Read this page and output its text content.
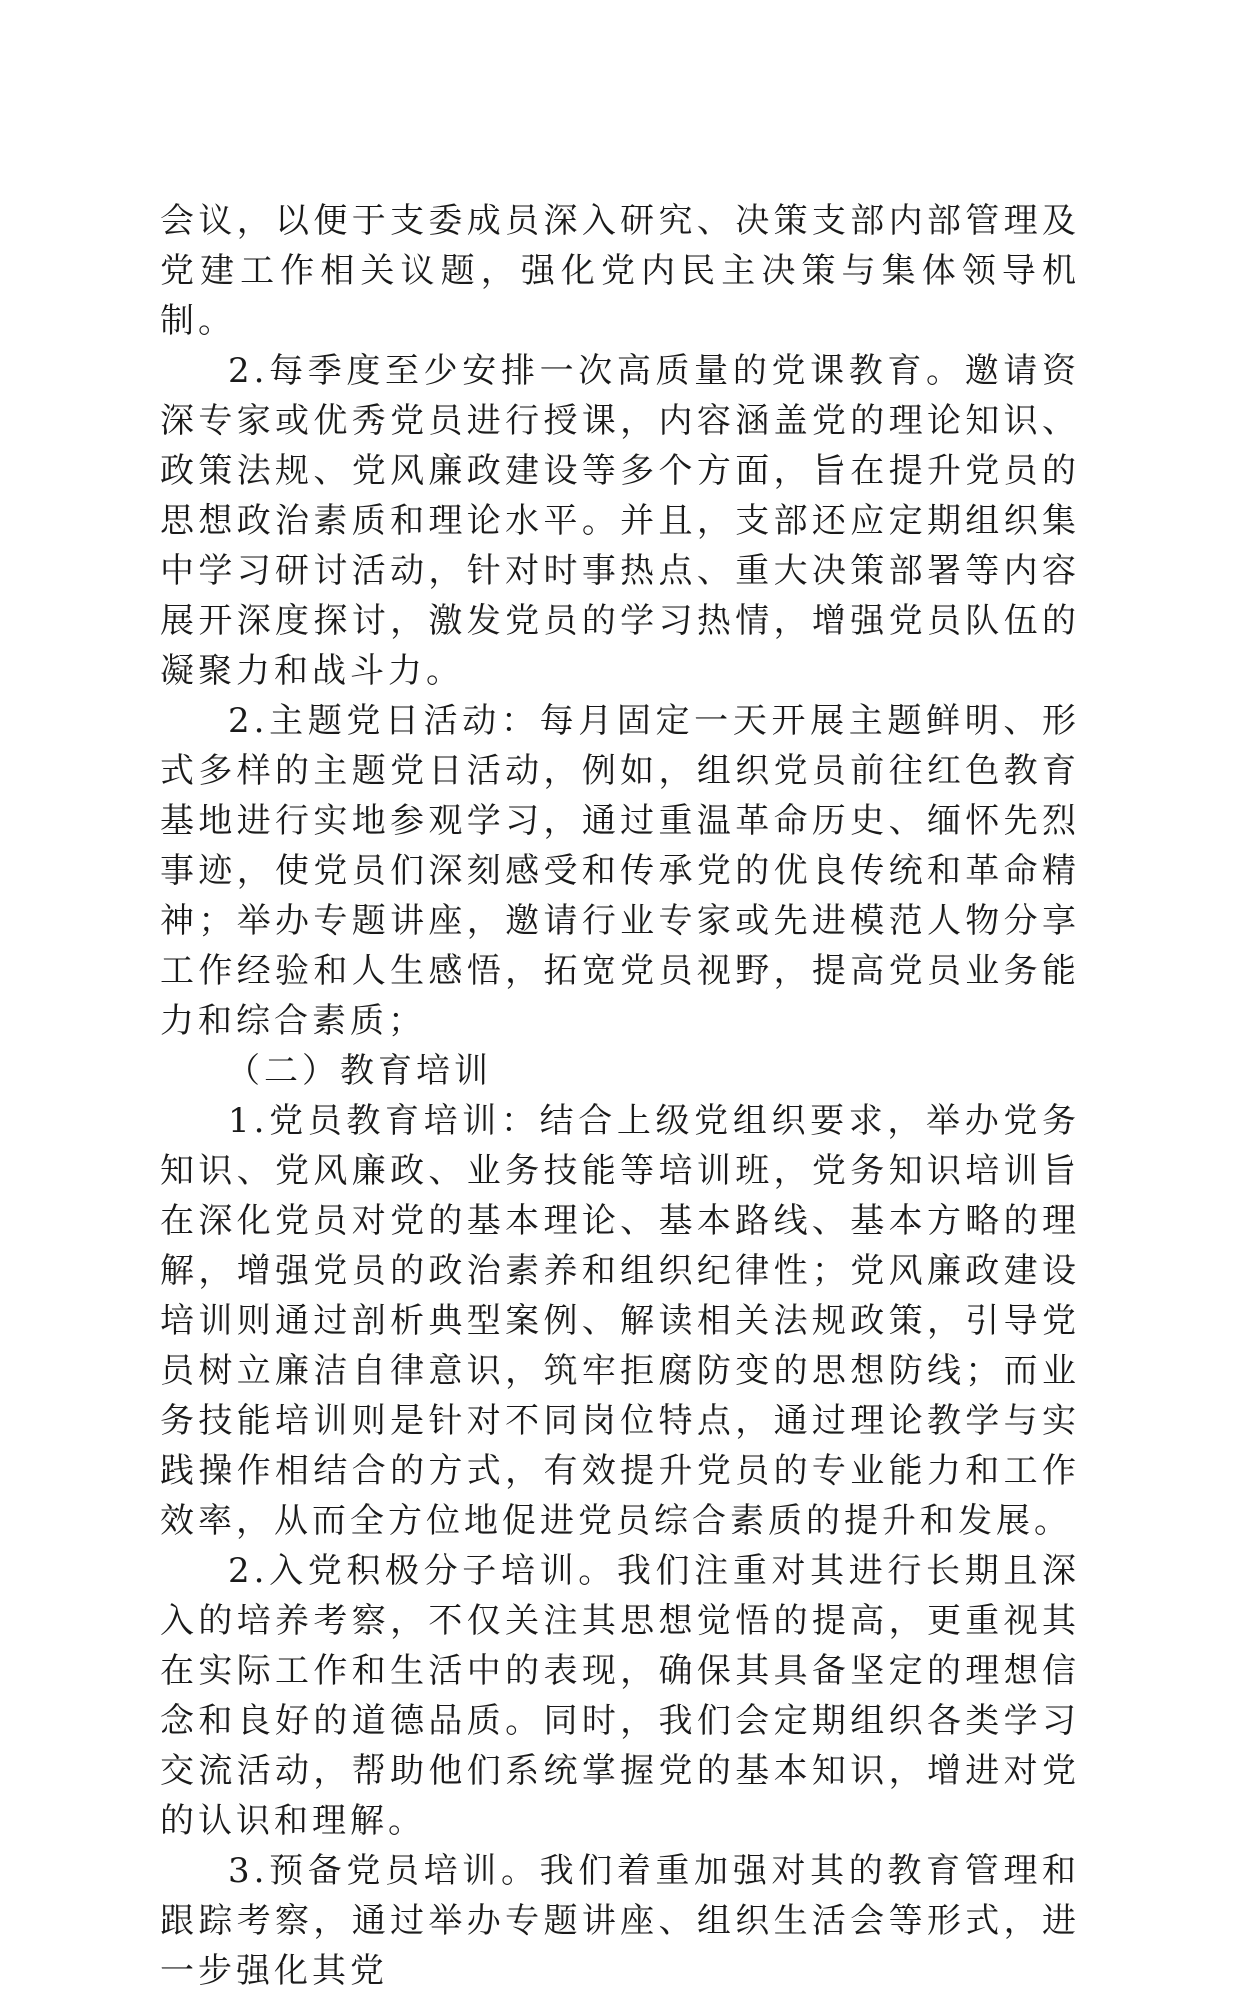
会议，以便于支委成员深入研究、决策支部内部管理及党建工作相关议题，强化党内民主决策与集体领导机制。

2.每季度至少安排一次高质量的党课教育。邀请资深专家或优秀党员进行授课，内容涵盖党的理论知识、政策法规、党风廉政建设等多个方面，旨在提升党员的思想政治素质和理论水平。并且，支部还应定期组织集中学习研讨活动，针对时事热点、重大决策部署等内容展开深度探讨，激发党员的学习热情，增强党员队伍的凝聚力和战斗力。

2.主题党日活动：每月固定一天开展主题鲜明、形式多样的主题党日活动，例如，组织党员前往红色教育基地进行实地参观学习，通过重温革命历史、缅怀先烈事迹，使党员们深刻感受和传承党的优良传统和革命精神；举办专题讲座，邀请行业专家或先进模范人物分享工作经验和人生感悟，拓宽党员视野，提高党员业务能力和综合素质；

（二）教育培训

1.党员教育培训：结合上级党组织要求，举办党务知识、党风廉政、业务技能等培训班，党务知识培训旨在深化党员对党的基本理论、基本路线、基本方略的理解，增强党员的政治素养和组织纪律性；党风廉政建设培训则通过剖析典型案例、解读相关法规政策，引导党员树立廉洁自律意识，筑牢拒腐防变的思想防线；而业务技能培训则是针对不同岗位特点，通过理论教学与实践操作相结合的方式，有效提升党员的专业能力和工作效率，从而全方位地促进党员综合素质的提升和发展。

2.入党积极分子培训。我们注重对其进行长期且深入的培养考察，不仅关注其思想觉悟的提高，更重视其在实际工作和生活中的表现，确保其具备坚定的理想信念和良好的道德品质。同时，我们会定期组织各类学习交流活动，帮助他们系统掌握党的基本知识，增进对党的认识和理解。

3.预备党员培训。我们着重加强对其的教育管理和跟踪考察，通过举办专题讲座、组织生活会等形式，进一步强化其党
